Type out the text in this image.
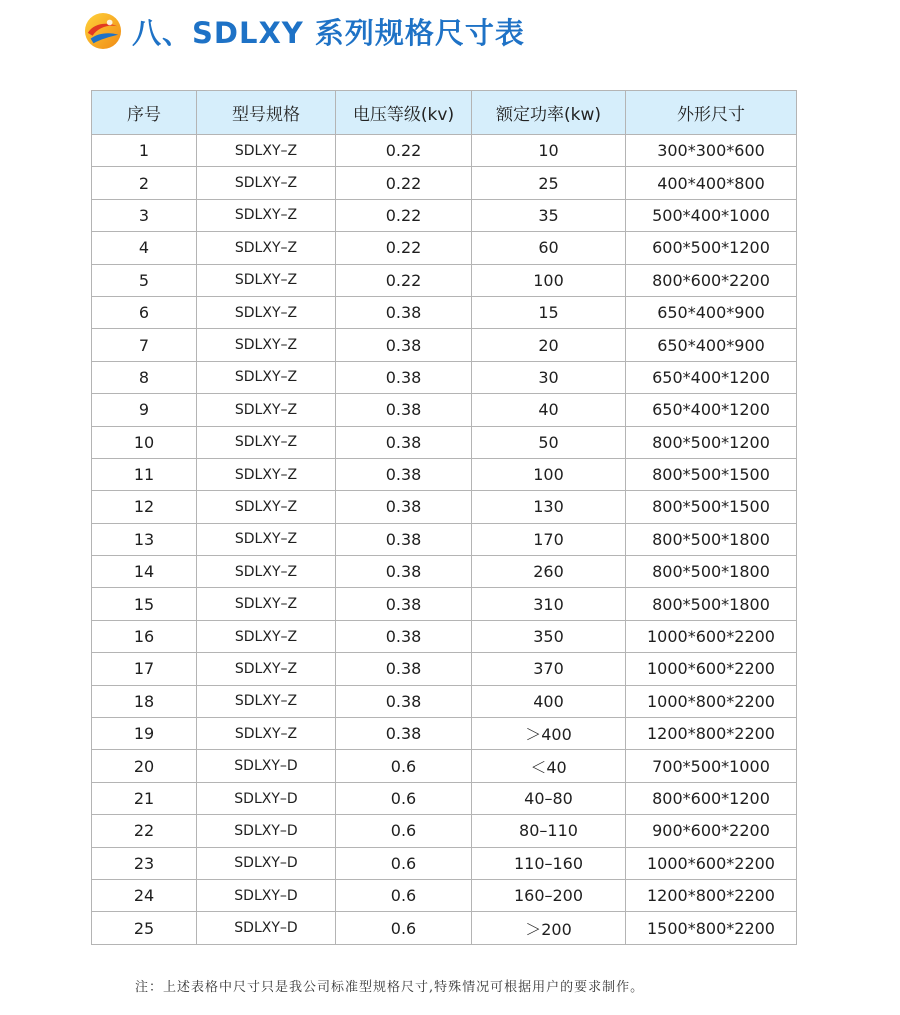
八、SDLXY 系列规格尺寸表
序号	型号规格	电压等级(kv)	额定功率(kw)	外形尺寸
1	SDLXY–Z	0.22	10	300*300*600
2	SDLXY–Z	0.22	25	400*400*800
3	SDLXY–Z	0.22	35	500*400*1000
4	SDLXY–Z	0.22	60	600*500*1200
5	SDLXY–Z	0.22	100	800*600*2200
6	SDLXY–Z	0.38	15	650*400*900
7	SDLXY–Z	0.38	20	650*400*900
8	SDLXY–Z	0.38	30	650*400*1200
9	SDLXY–Z	0.38	40	650*400*1200
10	SDLXY–Z	0.38	50	800*500*1200
11	SDLXY–Z	0.38	100	800*500*1500
12	SDLXY–Z	0.38	130	800*500*1500
13	SDLXY–Z	0.38	170	800*500*1800
14	SDLXY–Z	0.38	260	800*500*1800
15	SDLXY–Z	0.38	310	800*500*1800
16	SDLXY–Z	0.38	350	1000*600*2200
17	SDLXY–Z	0.38	370	1000*600*2200
18	SDLXY–Z	0.38	400	1000*800*2200
19	SDLXY–Z	0.38	＞400	1200*800*2200
20	SDLXY–D	0.6	＜40	700*500*1000
21	SDLXY–D	0.6	40–80	800*600*1200
22	SDLXY–D	0.6	80–110	900*600*2200
23	SDLXY–D	0.6	110–160	1000*600*2200
24	SDLXY–D	0.6	160–200	1200*800*2200
25	SDLXY–D	0.6	＞200	1500*800*2200
注：上述表格中尺寸只是我公司标准型规格尺寸,特殊情况可根据用户的要求制作。
